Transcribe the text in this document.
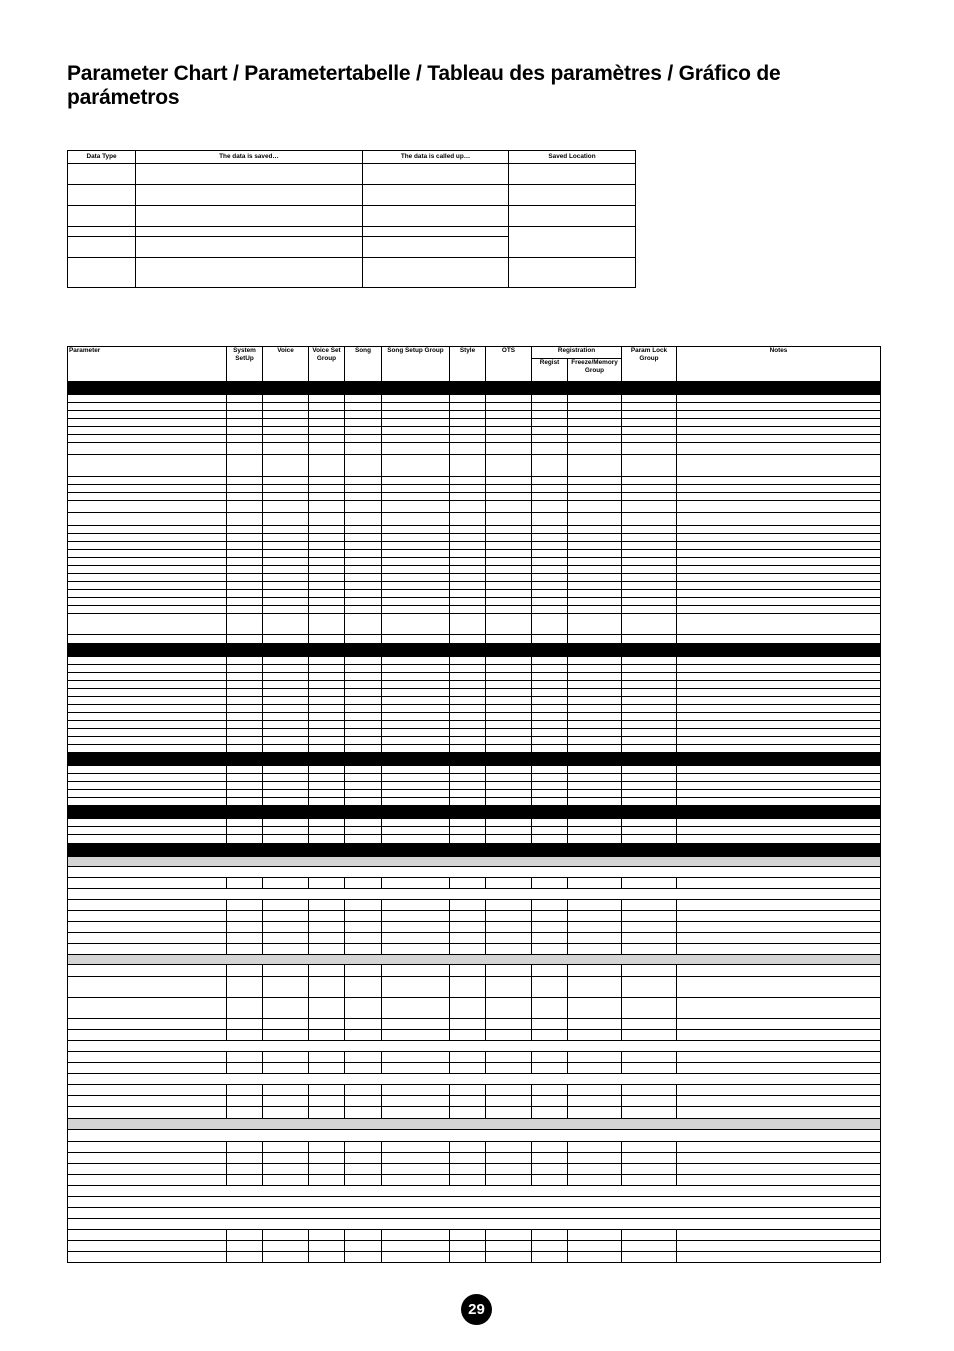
Parameter Chart / Parametertabelle / Tableau des paramètres / Gráfico de parámetros
Data Type	The data is saved…	The data is called up…	Saved Location

Parameter	System SetUp	Voice	Voice Set Group	Song	Song Setup Group	Style	OTS	Registration		Param Lock Group	Notes
								Regist	Freeze/Memory Group		

29
